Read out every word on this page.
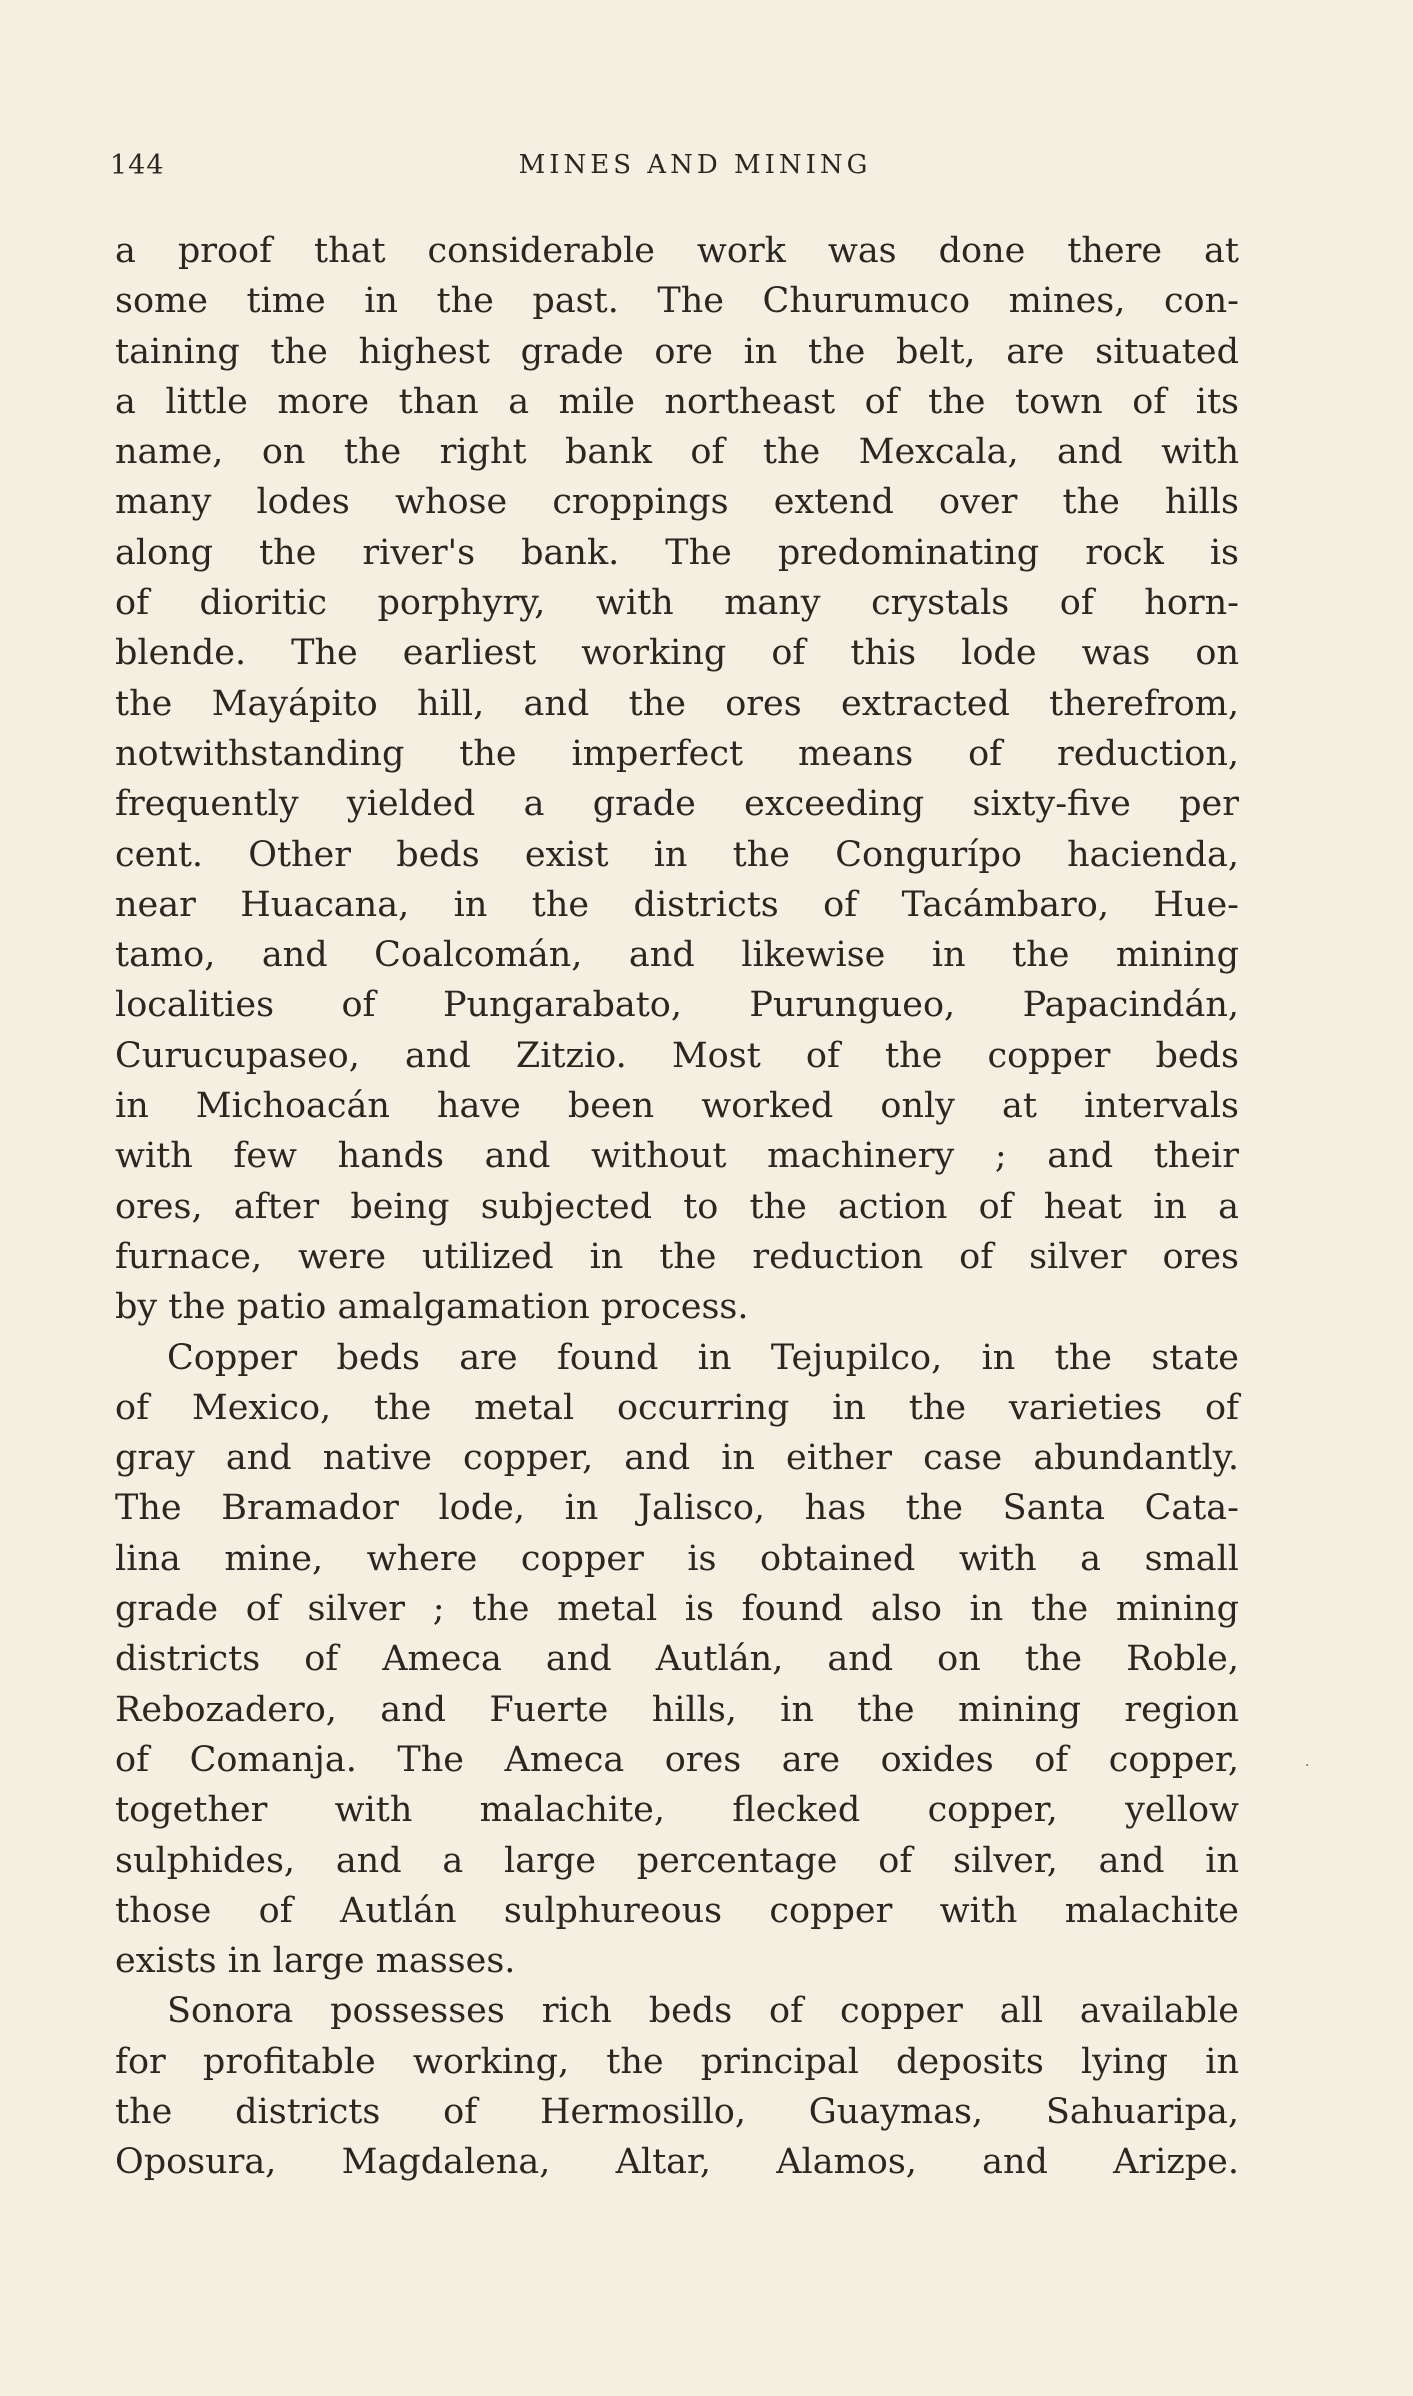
144	MINES AND MINING
a proof that considerable work was done there at
some time in the past. The Churumuco mines, con-
taining the highest grade ore in the belt, are situated
a little more than a mile northeast of the town of its
name, on the right bank of the Mexcala, and with
many lodes whose croppings extend over the hills
along the river's bank. The predominating rock is
of dioritic porphyry, with many crystals of horn-
blende. The earliest working of this lode was on
the Mayápito hill, and the ores extracted therefrom,
notwithstanding the imperfect means of reduction,
frequently yielded a grade exceeding sixty-five per
cent. Other beds exist in the Congurípo hacienda,
near Huacana, in the districts of Tacámbaro, Hue-
tamo, and Coalcomán, and likewise in the mining
localities of Pungarabato, Purungueo, Papacindán,
Curucupaseo, and Zitzio. Most of the copper beds
in Michoacán have been worked only at intervals
with few hands and without machinery ; and their
ores, after being subjected to the action of heat in a
furnace, were utilized in the reduction of silver ores
by the patio amalgamation process.
Copper beds are found in Tejupilco, in the state
of Mexico, the metal occurring in the varieties of
gray and native copper, and in either case abundantly.
The Bramador lode, in Jalisco, has the Santa Cata-
lina mine, where copper is obtained with a small
grade of silver ; the metal is found also in the mining
districts of Ameca and Autlán, and on the Roble,
Rebozadero, and Fuerte hills, in the mining region
of Comanja. The Ameca ores are oxides of copper,
together with malachite, flecked copper, yellow
sulphides, and a large percentage of silver, and in
those of Autlán sulphureous copper with malachite
exists in large masses.
Sonora possesses rich beds of copper all available
for profitable working, the principal deposits lying in
the districts of Hermosillo, Guaymas, Sahuaripa,
Oposura, Magdalena, Altar, Alamos, and Arizpe.
·
